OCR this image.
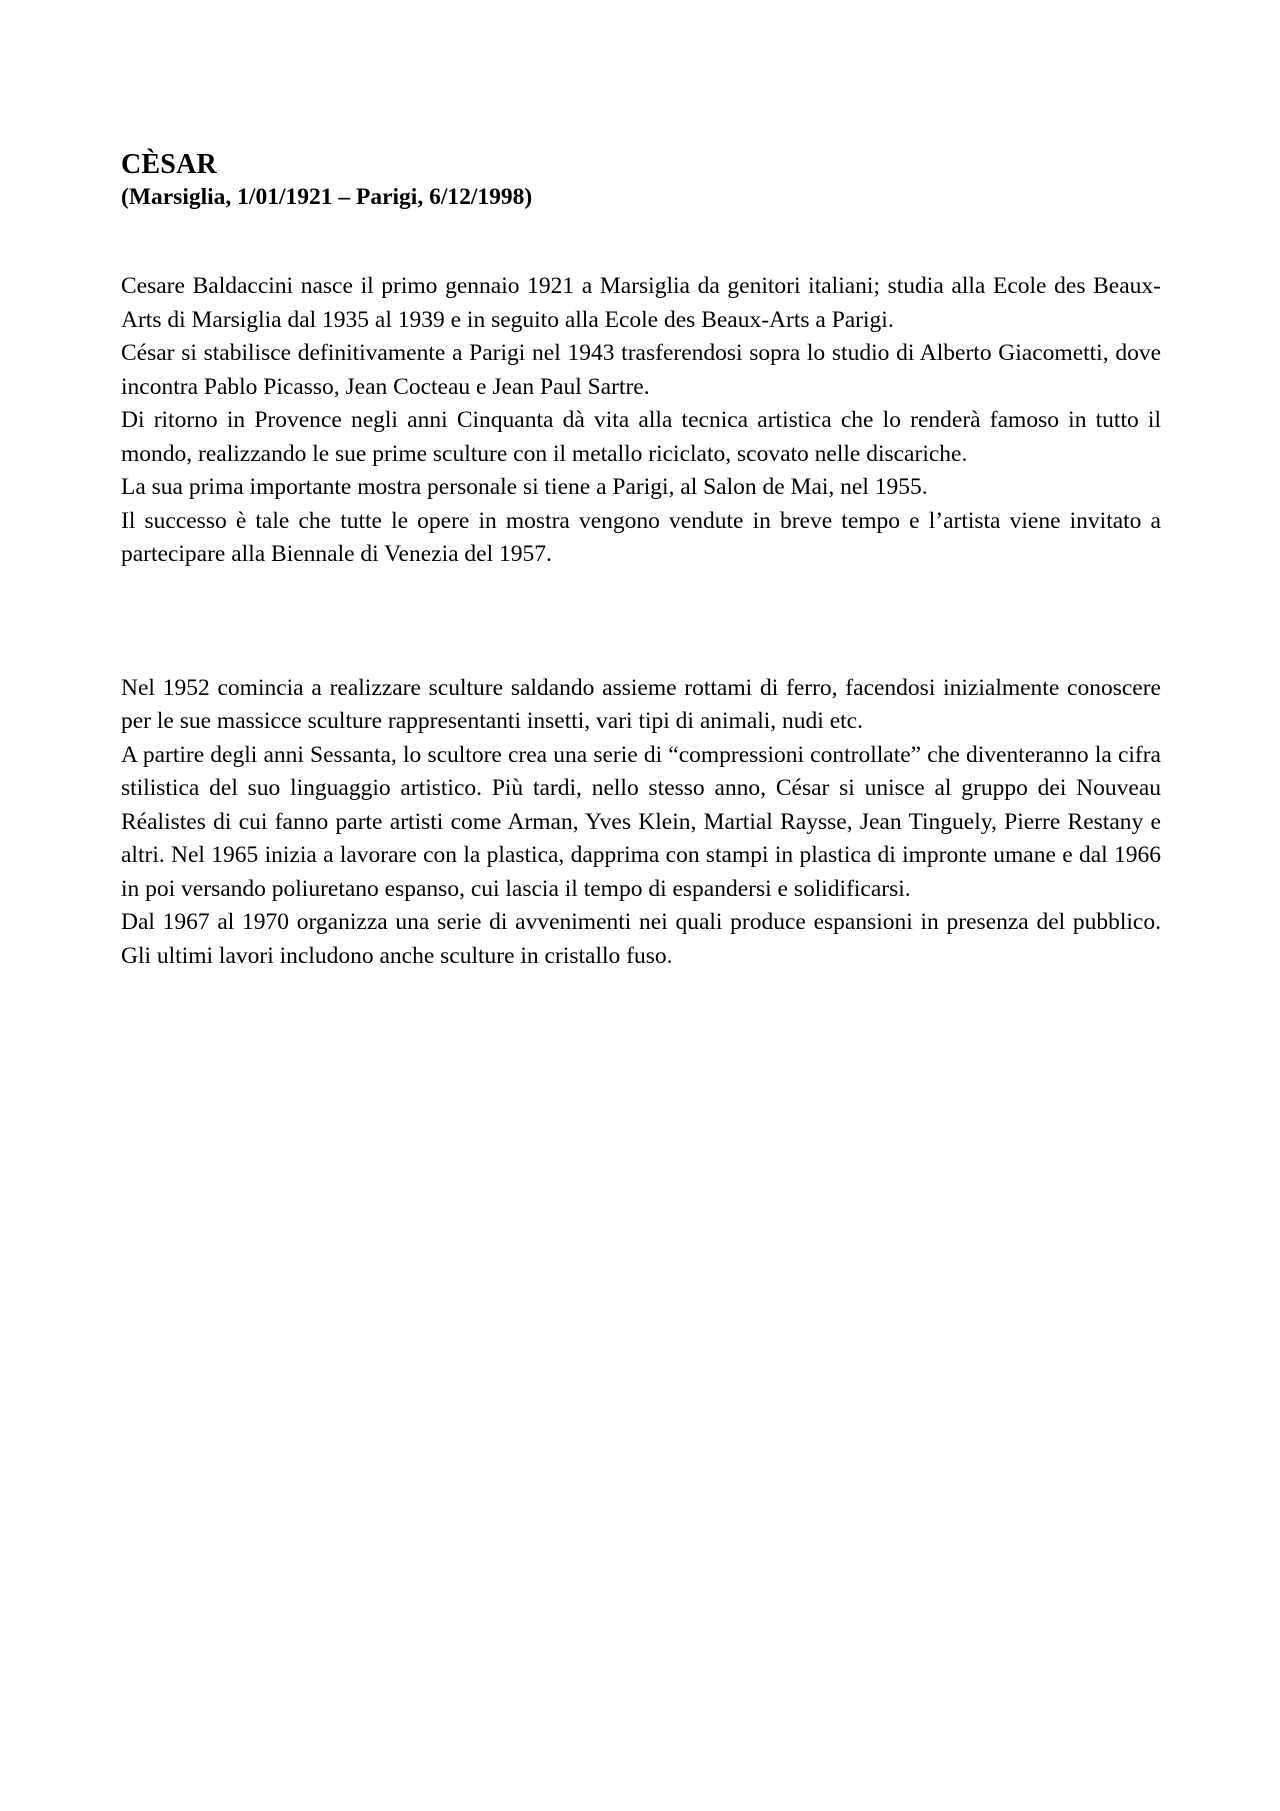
CÈSAR

(Marsiglia, 1/01/1921 – Parigi, 6/12/1998)

Cesare Baldaccini nasce il primo gennaio 1921 a Marsiglia da genitori italiani; studia alla Ecole des Beaux-Arts di Marsiglia dal 1935 al 1939 e in seguito alla Ecole des Beaux-Arts a Parigi.

César si stabilisce definitivamente a Parigi nel 1943 trasferendosi sopra lo studio di Alberto Giacometti, dove incontra Pablo Picasso, Jean Cocteau e Jean Paul Sartre.

Di ritorno in Provence negli anni Cinquanta dà vita alla tecnica artistica che lo renderà famoso in tutto il mondo, realizzando le sue prime sculture con il metallo riciclato, scovato nelle discariche.

La sua prima importante mostra personale si tiene a Parigi, al Salon de Mai, nel 1955.

Il successo è tale che tutte le opere in mostra vengono vendute in breve tempo e l’artista viene invitato a partecipare alla Biennale di Venezia del 1957.

Nel 1952 comincia a realizzare sculture saldando assieme rottami di ferro, facendosi inizialmente conoscere per le sue massicce sculture rappresentanti insetti, vari tipi di animali, nudi etc.

A partire degli anni Sessanta, lo scultore crea una serie di “compressioni controllate” che diventeranno la cifra stilistica del suo linguaggio artistico. Più tardi, nello stesso anno, César si unisce al gruppo dei Nouveau Réalistes di cui fanno parte artisti come Arman, Yves Klein, Martial Raysse, Jean Tinguely, Pierre Restany e altri. Nel 1965 inizia a lavorare con la plastica, dapprima con stampi in plastica di impronte umane e dal 1966 in poi versando poliuretano espanso, cui lascia il tempo di espandersi e solidificarsi.

Dal 1967 al 1970 organizza una serie di avvenimenti nei quali produce espansioni in presenza del pubblico. Gli ultimi lavori includono anche sculture in cristallo fuso.
